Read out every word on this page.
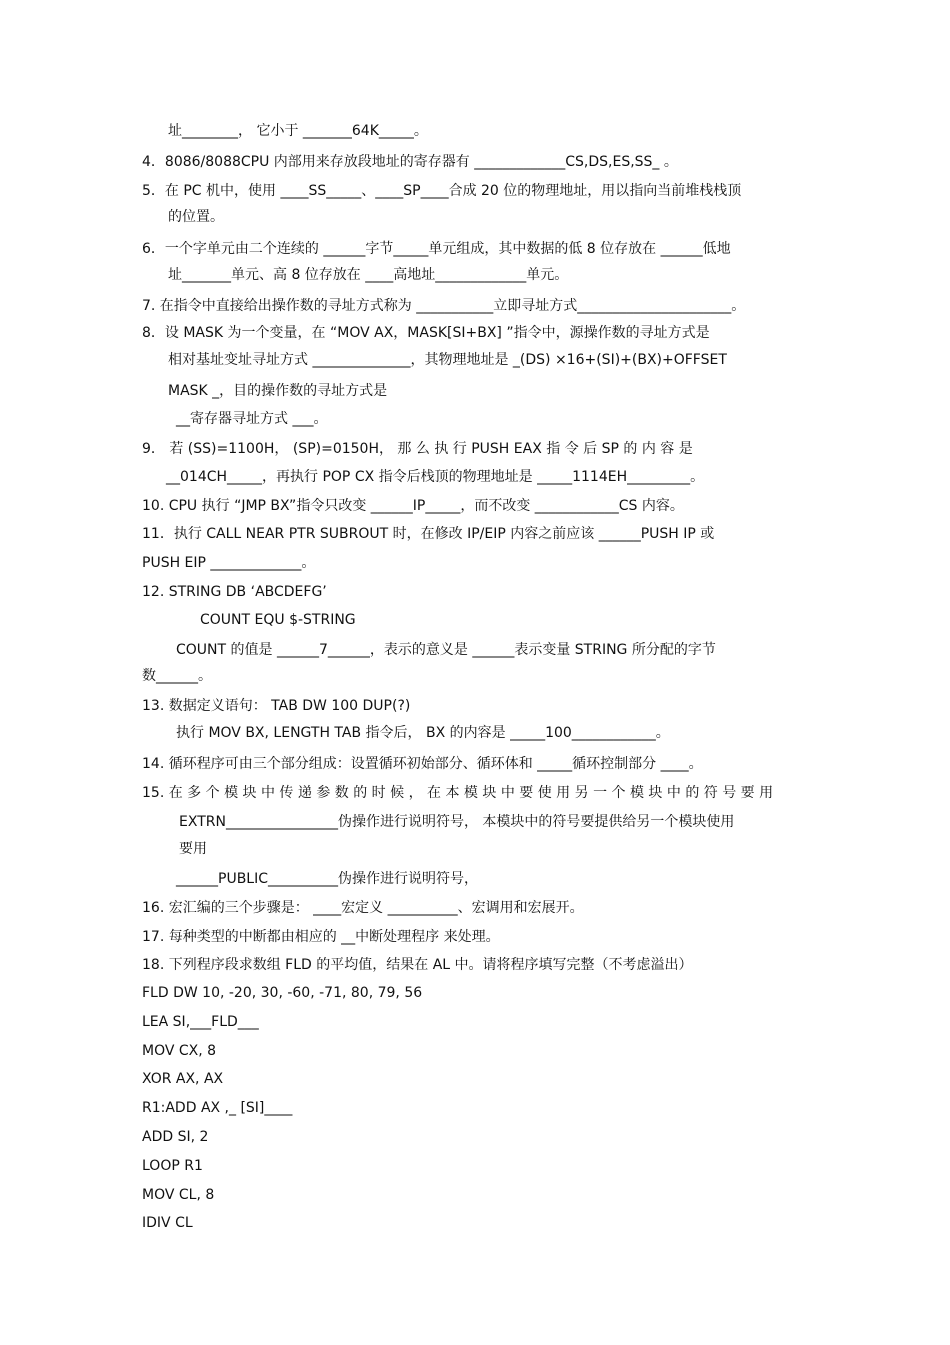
址________， 它小于 _______64K_____。
4．8086/8088CPU 内部用来存放段地址的寄存器有 _____________CS,DS,ES,SS_ 。
5．在 PC 机中，使用 ____SS_____、____SP____合成 20 位的物理地址，用以指向当前堆栈栈顶
的位置。
6．一个字单元由二个连续的 ______字节_____单元组成，其中数据的低 8 位存放在 ______低地
址_______单元、高 8 位存放在 ____高地址_____________单元。
7. 在指令中直接给出操作数的寻址方式称为 ___________立即寻址方式______________________。
8．设 MASK 为一个变量，在 “MOV AX，MASK[SI+BX] ”指令中，源操作数的寻址方式是
相对基址变址寻址方式 ______________，其物理地址是 _(DS) ×16+(SI)+(BX)+OFFSET
MASK _，目的操作数的寻址方式是
__寄存器寻址方式 ___。
9． 若 (SS)=1100H， (SP)=0150H， 那 么 执 行 PUSH EAX 指 令 后 SP 的 内 容 是
__014CH_____，再执行 POP CX 指令后栈顶的物理地址是 _____1114EH_________。
10. CPU 执行 “JMP BX”指令只改变 ______IP_____，而不改变 ____________CS 内容。
11．执行 CALL NEAR PTR SUBROUT 时，在修改 IP/EIP 内容之前应该 ______PUSH IP 或
PUSH EIP _____________。
12. STRING DB ‘ABCDEFG’
COUNT EQU $-STRING
COUNT 的值是 ______7______，表示的意义是 ______表示变量 STRING 所分配的字节
数______。
13. 数据定义语句： TAB DW 100 DUP(?)
执行 MOV BX, LENGTH TAB 指令后， BX 的内容是 _____100____________。
14. 循环程序可由三个部分组成：设置循环初始部分、循环体和 _____循环控制部分 ____。
15. 在 多 个 模 块 中 传 递 参 数 的 时 候 ， 在 本 模 块 中 要 使 用 另 一 个 模 块 中 的 符 号 要 用
EXTRN________________伪操作进行说明符号， 本模块中的符号要提供给另一个模块使用
要用
______PUBLIC__________伪操作进行说明符号，
16. 宏汇编的三个步骤是： ____宏定义 __________、宏调用和宏展开。
17. 每种类型的中断都由相应的 __中断处理程序 来处理。
18. 下列程序段求数组 FLD 的平均值，结果在 AL 中。请将程序填写完整（不考虑溢出）
FLD DW 10, -20, 30, -60, -71, 80, 79, 56
LEA SI,___FLD___
MOV CX, 8
XOR AX, AX
R1:ADD AX ,_ [SI]____
ADD SI, 2
LOOP R1
MOV CL, 8
IDIV CL
